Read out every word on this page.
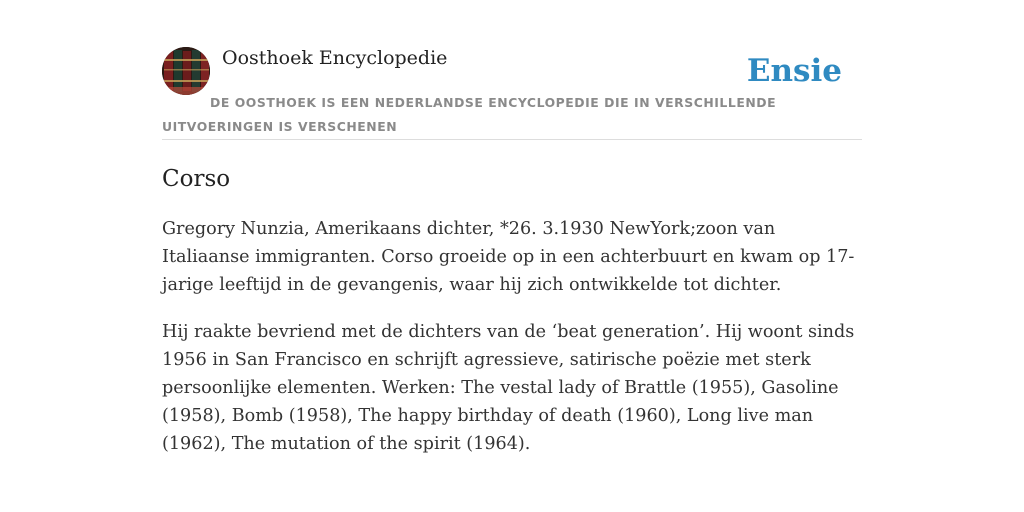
Oosthoek Encyclopedie	Ensie
DE OOSTHOEK IS EEN NEDERLANDSE ENCYCLOPEDIE DIE IN VERSCHILLENDE UITVOERINGEN IS VERSCHENEN
Corso

Gregory Nunzia, Amerikaans dichter, *26. 3.1930 NewYork;zoon van Italiaanse immigranten. Corso groeide op in een achterbuurt en kwam op 17-jarige leeftijd in de gevangenis, waar hij zich ontwikkelde tot dichter.

Hij raakte bevriend met de dichters van de ‘beat generation’. Hij woont sinds 1956 in San Francisco en schrijft agressieve, satirische poëzie met sterk persoonlijke elementen. Werken: The vestal lady of Brattle (1955), Gasoline (1958), Bomb (1958), The happy birthday of death (1960), Long live man (1962), The mutation of the spirit (1964).
